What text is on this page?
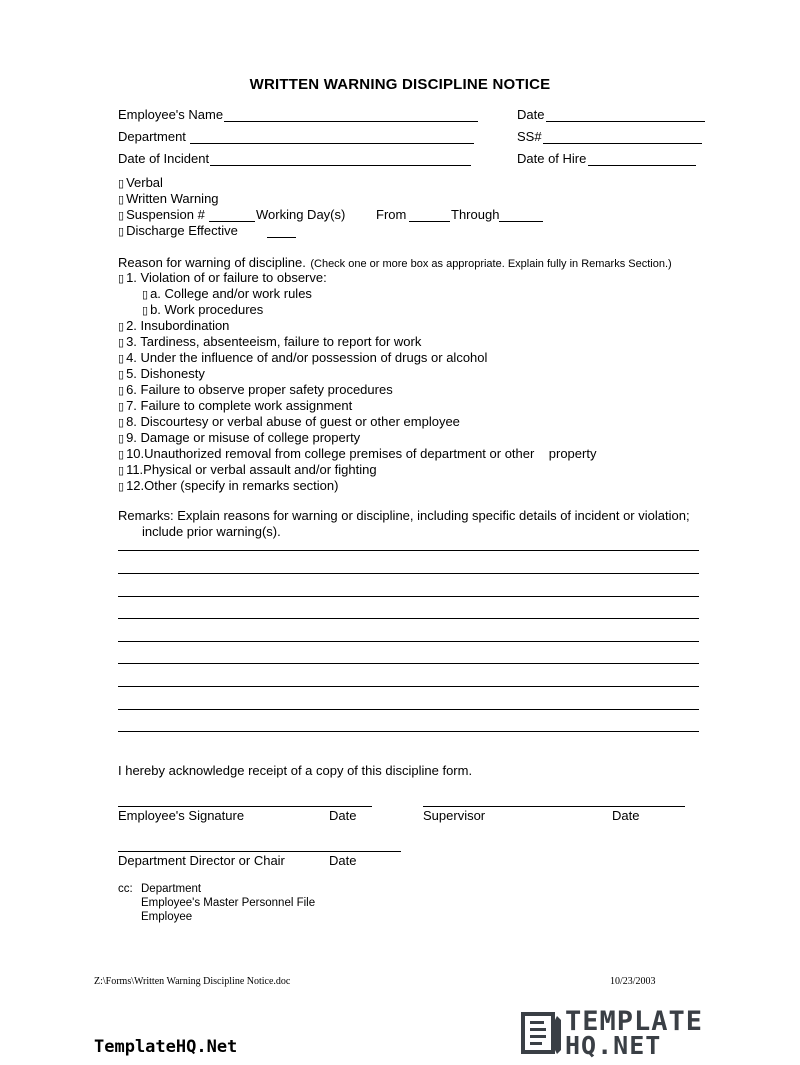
WRITTEN WARNING DISCIPLINE NOTICE
Employee's Name	Date
Department	SS#
Date of Incident	Date of Hire
▯ Verbal
▯ Written Warning
▯ Suspension #	Working Day(s) From	Through
▯ Discharge Effective
Reason for warning of discipline. (Check one or more box as appropriate. Explain fully in Remarks Section.)
▯ 1. Violation of or failure to observe:
▯ a. College and/or work rules
▯ b. Work procedures
▯ 2. Insubordination
▯ 3. Tardiness, absenteeism, failure to report for work
▯ 4. Under the influence of and/or possession of drugs or alcohol
▯ 5. Dishonesty
▯ 6. Failure to observe proper safety procedures
▯ 7. Failure to complete work assignment
▯ 8. Discourtesy or verbal abuse of guest or other employee
▯ 9. Damage or misuse of college property
▯ 10.Unauthorized removal from college premises of department or other    property
▯ 11.Physical or verbal assault and/or fighting
▯ 12.Other (specify in remarks section)
Remarks: Explain reasons for warning or discipline, including specific details of incident or violation;
include prior warning(s).
I hereby acknowledge receipt of a copy of this discipline form.
Employee's Signature	Date	Supervisor	Date
Department Director or Chair	Date
cc: Department
Employee's Master Personnel File
Employee
Z:\Forms\Written Warning Discipline Notice.doc	10/23/2003
TemplateHQ.Net
TEMPLATE
HQ.NET
